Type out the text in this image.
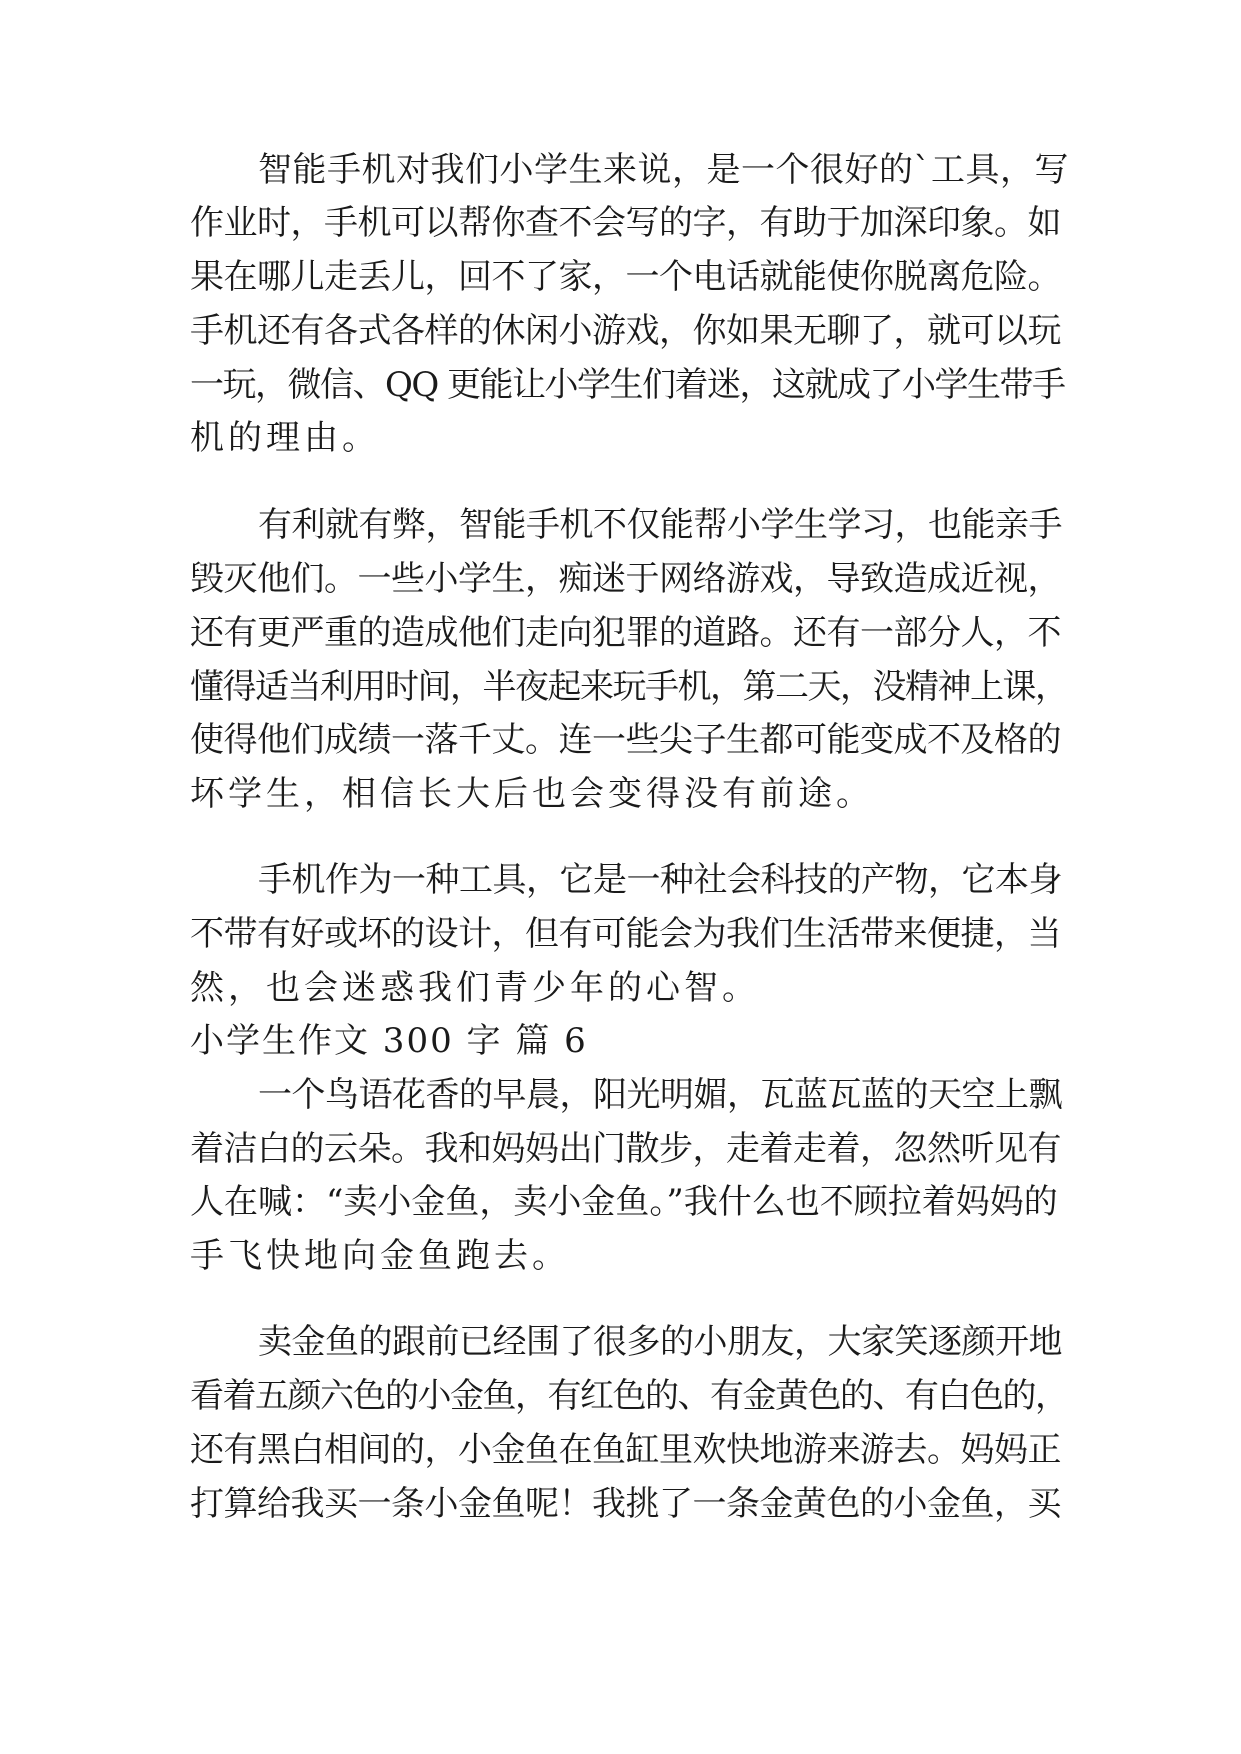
智能手机对我们小学生来说，是一个很好的`工具，写
作业时，手机可以帮你查不会写的字，有助于加深印象。如
果在哪儿走丢儿，回不了家，一个电话就能使你脱离危险。
手机还有各式各样的休闲小游戏，你如果无聊了，就可以玩
一玩，微信、QQ 更能让小学生们着迷，这就成了小学生带手
机的理由。
有利就有弊，智能手机不仅能帮小学生学习，也能亲手
毁灭他们。一些小学生，痴迷于网络游戏，导致造成近视，
还有更严重的造成他们走向犯罪的道路。还有一部分人，不
懂得适当利用时间，半夜起来玩手机，第二天，没精神上课，
使得他们成绩一落千丈。连一些尖子生都可能变成不及格的
坏学生，相信长大后也会变得没有前途。
手机作为一种工具，它是一种社会科技的产物，它本身
不带有好或坏的设计，但有可能会为我们生活带来便捷，当
然，也会迷惑我们青少年的心智。
小学生作文 300 字 篇 6
一个鸟语花香的早晨，阳光明媚，瓦蓝瓦蓝的天空上飘
着洁白的云朵。我和妈妈出门散步，走着走着，忽然听见有
人在喊：“卖小金鱼，卖小金鱼。”我什么也不顾拉着妈妈的
手飞快地向金鱼跑去。
卖金鱼的跟前已经围了很多的小朋友，大家笑逐颜开地
看着五颜六色的小金鱼，有红色的、有金黄色的、有白色的，
还有黑白相间的，小金鱼在鱼缸里欢快地游来游去。妈妈正
打算给我买一条小金鱼呢！我挑了一条金黄色的小金鱼，买
